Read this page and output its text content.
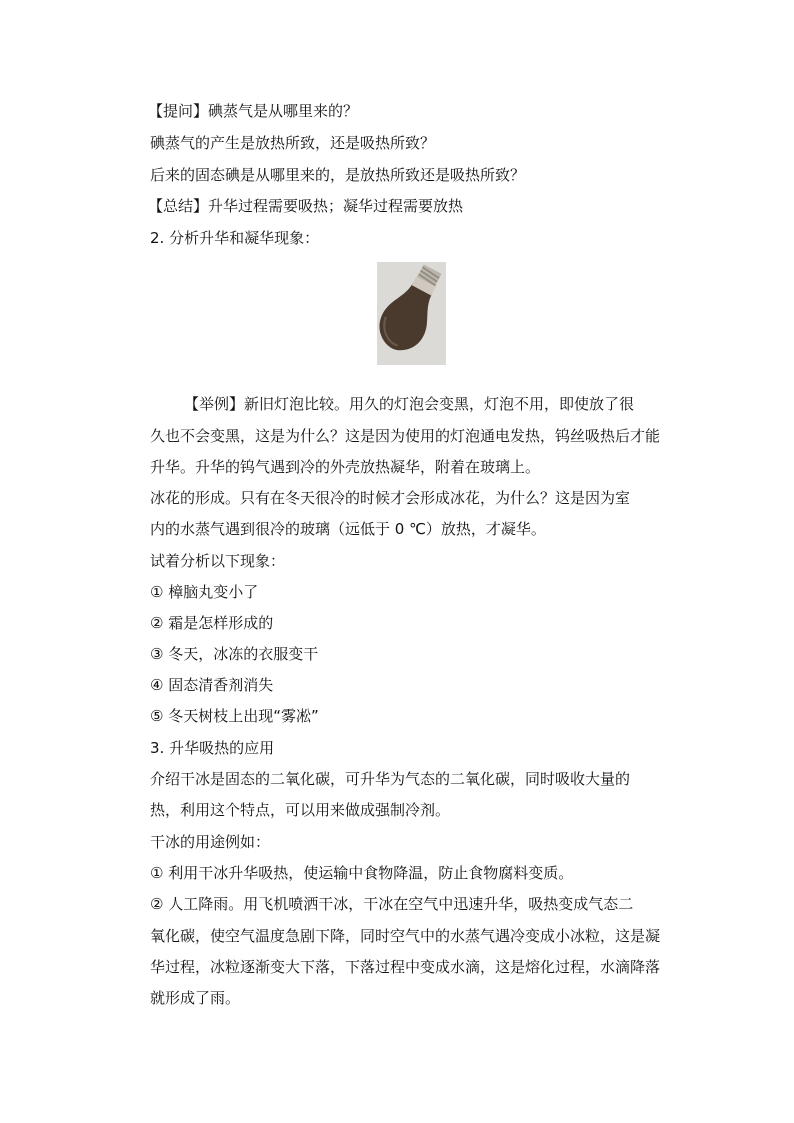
【提问】碘蒸气是从哪里来的？
碘蒸气的产生是放热所致，还是吸热所致？
后来的固态碘是从哪里来的，是放热所致还是吸热所致？
【总结】升华过程需要吸热；凝华过程需要放热
2. 分析升华和凝华现象：
【举例】新旧灯泡比较。用久的灯泡会变黑，灯泡不用，即使放了很
久也不会变黑，这是为什么？这是因为使用的灯泡通电发热，钨丝吸热后才能
升华。升华的钨气遇到冷的外壳放热凝华，附着在玻璃上。
冰花的形成。只有在冬天很冷的时候才会形成冰花，为什么？这是因为室
内的水蒸气遇到很冷的玻璃（远低于 0 ℃）放热，才凝华。
试着分析以下现象：
① 樟脑丸变小了
② 霜是怎样形成的
③ 冬天，冰冻的衣服变干
④ 固态清香剂消失
⑤ 冬天树枝上出现“雾凇”
3. 升华吸热的应用
介绍干冰是固态的二氧化碳，可升华为气态的二氧化碳，同时吸收大量的
热，利用这个特点，可以用来做成强制冷剂。
干冰的用途例如：
① 利用干冰升华吸热，使运输中食物降温，防止食物腐料变质。
② 人工降雨。用飞机喷洒干冰，干冰在空气中迅速升华，吸热变成气态二
氧化碳，使空气温度急剧下降，同时空气中的水蒸气遇冷变成小冰粒，这是凝
华过程，冰粒逐渐变大下落，下落过程中变成水滴，这是熔化过程，水滴降落
就形成了雨。
